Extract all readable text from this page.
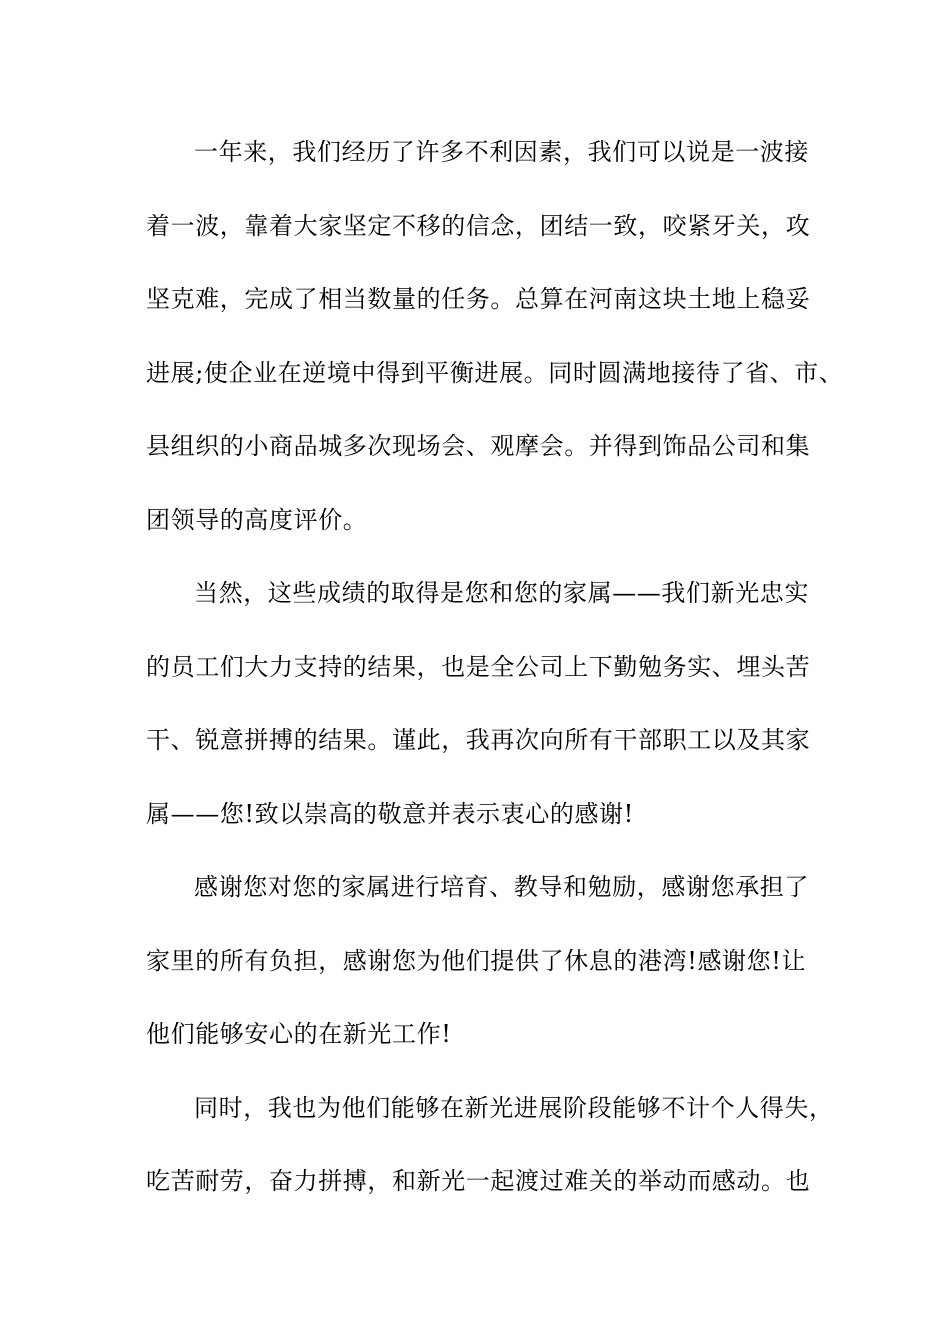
一年来，我们经历了许多不利因素，我们可以说是一波接
着一波，靠着大家坚定不移的信念，团结一致，咬紧牙关，攻
坚克难，完成了相当数量的任务。总算在河南这块土地上稳妥
进展;使企业在逆境中得到平衡进展。同时圆满地接待了省、市、
县组织的小商品城多次现场会、观摩会。并得到饰品公司和集
团领导的高度评价。
当然，这些成绩的取得是您和您的家属——我们新光忠实
的员工们大力支持的结果，也是全公司上下勤勉务实、埋头苦
干、锐意拼搏的结果。谨此，我再次向所有干部职工以及其家
属——您!致以崇高的敬意并表示衷心的感谢!
感谢您对您的家属进行培育、教导和勉励，感谢您承担了
家里的所有负担，感谢您为他们提供了休息的港湾!感谢您!让
他们能够安心的在新光工作!
同时，我也为他们能够在新光进展阶段能够不计个人得失，
吃苦耐劳，奋力拼搏，和新光一起渡过难关的举动而感动。也
